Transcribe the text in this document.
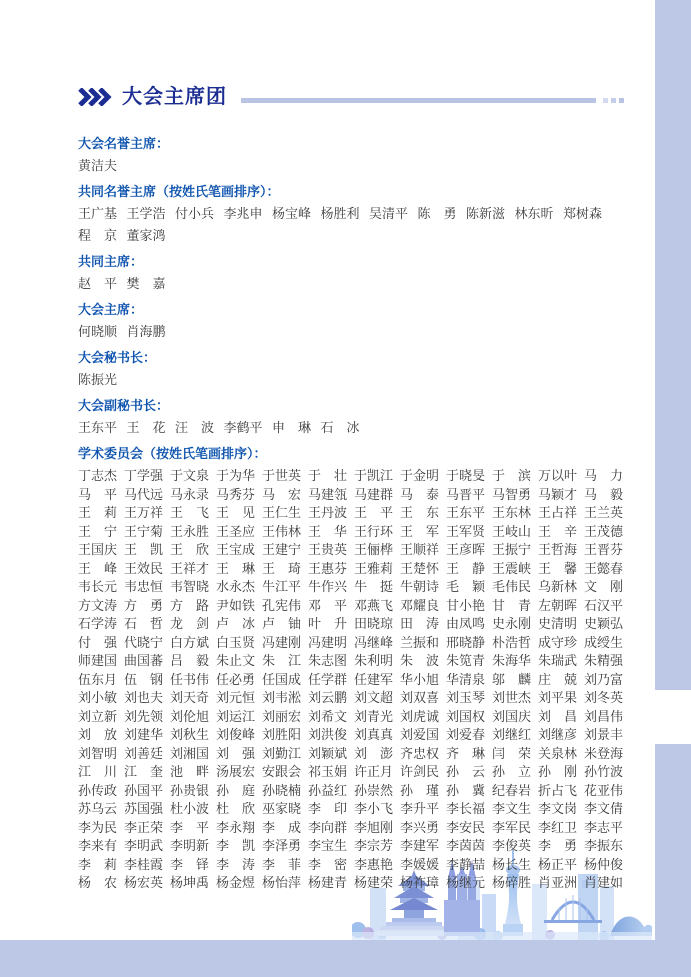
大会主席团
大会名誉主席：
黄洁夫
共同名誉主席（按姓氏笔画排序）：
王广基 王学浩 付小兵 李兆申 杨宝峰 杨胜利 吴清平 陈勇 陈新滋 林东昕 郑树森
程京 董家鸿
共同主席：
赵平 樊嘉
大会主席：
何晓顺 肖海鹏
大会秘书长：
陈振光
大会副秘书长：
王东平 王花 汪波 李鹤平 申琳 石冰
学术委员会（按姓氏笔画排序）：
丁志杰 丁学强 于文泉 于为华 于世英 于壮 于凯江 于金明 于晓旻 于滨 万以叶 马力
马平 马代远 马永录 马秀芬 马宏 马建瓴 马建群 马泰 马晋平 马智勇 马颖才 马毅
王莉 王万祥 王飞 王见 王仁生 王丹波 王平 王东 王东平 王东林 王占祥 王兰英
王宁 王宁菊 王永胜 王圣应 王伟林 王华 王行环 王军 王军贤 王岐山 王辛 王茂德
王国庆 王凯 王欣 王宝成 王建宁 王贵英 王俪桦 王顺祥 王彦晖 王振宁 王哲海 王晋芬
王峰 王效民 王祥才 王琳 王琦 王惠芬 王雅莉 王楚怀 王静 王震峡 王馨 王懿春
韦长元 韦忠恒 韦智晓 水永杰 牛江平 牛作兴 牛挺 牛朝诗 毛颖 毛伟民 乌新林 文刚
方文涛 方勇 方路 尹如铁 孔宪伟 邓平 邓燕飞 邓耀良 甘小艳 甘青 左朝晖 石汉平
石学涛 石哲 龙剑 卢冰 卢铀 叶升 田晓琼 田涛 由凤鸣 史永刚 史清明 史颖弘
付强 代晓宁 白方斌 白玉贤 冯建刚 冯建明 冯继峰 兰振和 邢晓静 朴浩哲 成守珍 成绶生
师建国 曲国蕃 吕毅 朱止文 朱江 朱志图 朱利明 朱波 朱笕青 朱海华 朱瑞武 朱精强
伍东月 伍钢 任书伟 任必勇 任国成 任学群 任建军 华小旭 华清泉 邬麟 庄兢 刘乃富
刘小敏 刘也夫 刘天奇 刘元恒 刘韦淞 刘云鹏 刘文超 刘双喜 刘玉琴 刘世杰 刘平果 刘冬英
刘立新 刘先领 刘伦旭 刘运江 刘丽宏 刘希文 刘青光 刘虎诚 刘国权 刘国庆 刘昌 刘昌伟
刘放 刘建华 刘秋生 刘俊峰 刘胜阳 刘洪俊 刘真真 刘爱国 刘爱春 刘继红 刘继彦 刘景丰
刘智明 刘善廷 刘湘国 刘强 刘勤江 刘颖斌 刘澎 齐忠权 齐琳 闫荣 关泉林 米登海
江川 江奎 池畔 汤展宏 安跟会 祁玉娟 许正月 许剑民 孙云 孙立 孙刚 孙竹波
孙传政 孙国平 孙贵银 孙庭 孙晓楠 孙益红 孙崇然 孙瑾 孙冀 纪春岩 折占飞 花亚伟
苏乌云 苏国强 杜小波 杜欣 巫家晓 李印 李小飞 李升平 李长福 李文生 李文岗 李文倩
李为民 李正荣 李平 李永翔 李成 李向群 李旭刚 李兴勇 李安民 李军民 李红卫 李志平
李来有 李明武 李明新 李凯 李泽勇 李宝生 李宗芳 李建军 李茵茵 李俊英 李勇 李振东
李莉 李桂霞 李铎 李涛 李菲 李密 李惠艳 李媛媛 李静喆 杨长生 杨正平 杨仲俊
杨农 杨宏英 杨坤禹 杨金煜 杨怡萍 杨建青 杨建荣 杨祚璋 杨继元 杨碎胜 肖亚洲 肖建如
